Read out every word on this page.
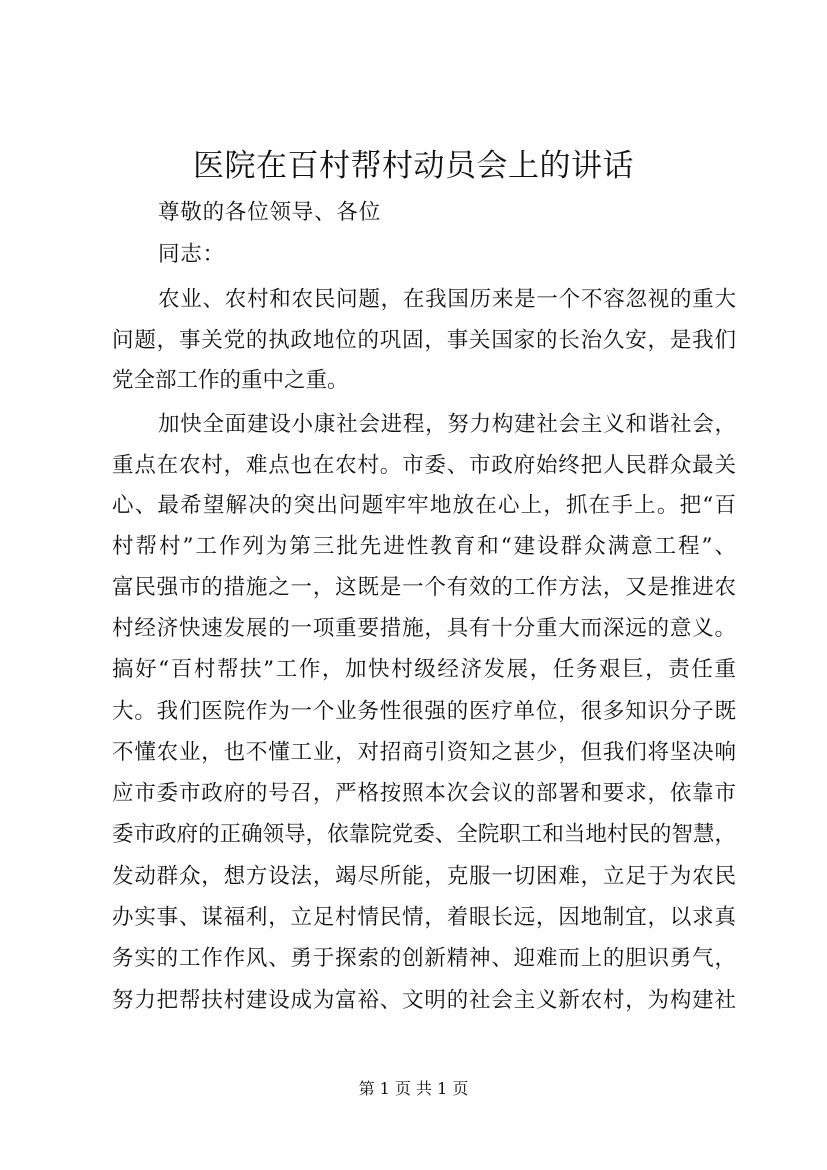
医院在百村帮村动员会上的讲话
尊敬的各位领导、各位
同志：
农业、农村和农民问题，在我国历来是一个不容忽视的重大
问题，事关党的执政地位的巩固，事关国家的长治久安，是我们
党全部工作的重中之重。
加快全面建设小康社会进程，努力构建社会主义和谐社会，
重点在农村，难点也在农村。市委、市政府始终把人民群众最关
心、最希望解决的突出问题牢牢地放在心上，抓在手上。把“百
村帮村”工作列为第三批先进性教育和“建设群众满意工程”、
富民强市的措施之一，这既是一个有效的工作方法，又是推进农
村经济快速发展的一项重要措施，具有十分重大而深远的意义。
搞好“百村帮扶”工作，加快村级经济发展，任务艰巨，责任重
大。我们医院作为一个业务性很强的医疗单位，很多知识分子既
不懂农业，也不懂工业，对招商引资知之甚少，但我们将坚决响
应市委市政府的号召，严格按照本次会议的部署和要求，依靠市
委市政府的正确领导，依靠院党委、全院职工和当地村民的智慧，
发动群众，想方设法，竭尽所能，克服一切困难，立足于为农民
办实事、谋福利，立足村情民情，着眼长远，因地制宜，以求真
务实的工作作风、勇于探索的创新精神、迎难而上的胆识勇气，
努力把帮扶村建设成为富裕、文明的社会主义新农村，为构建社
第 1 页 共 1 页
